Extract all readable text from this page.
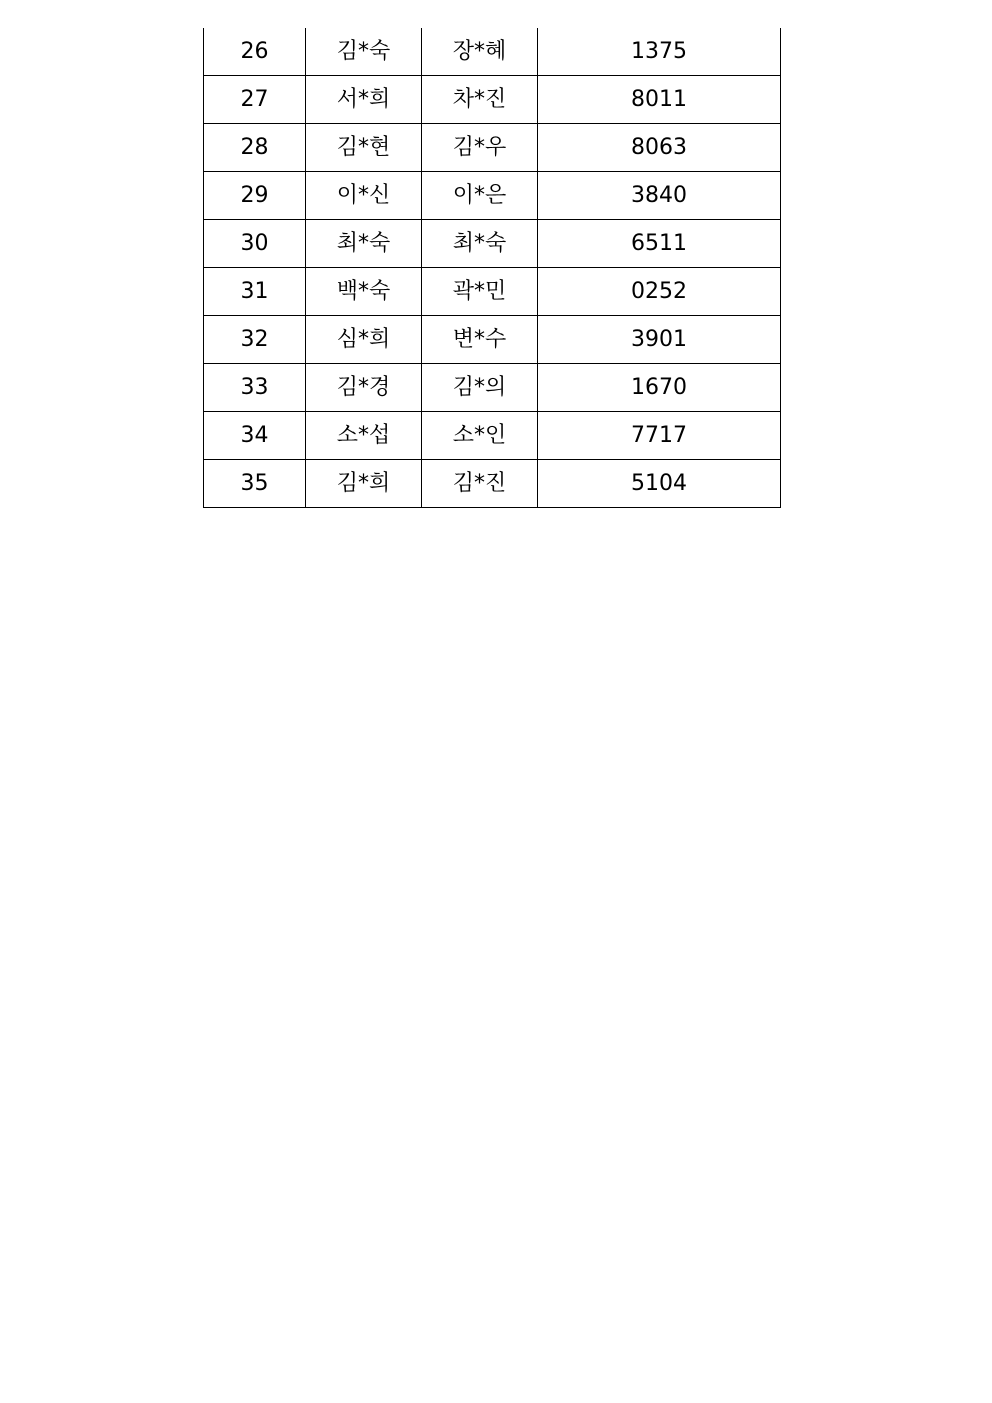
26	김*숙	장*혜	1375
27	서*희	차*진	8011
28	김*현	김*우	8063
29	이*신	이*은	3840
30	최*숙	최*숙	6511
31	백*숙	곽*민	0252
32	심*희	변*수	3901
33	김*경	김*의	1670
34	소*섭	소*인	7717
35	김*희	김*진	5104
